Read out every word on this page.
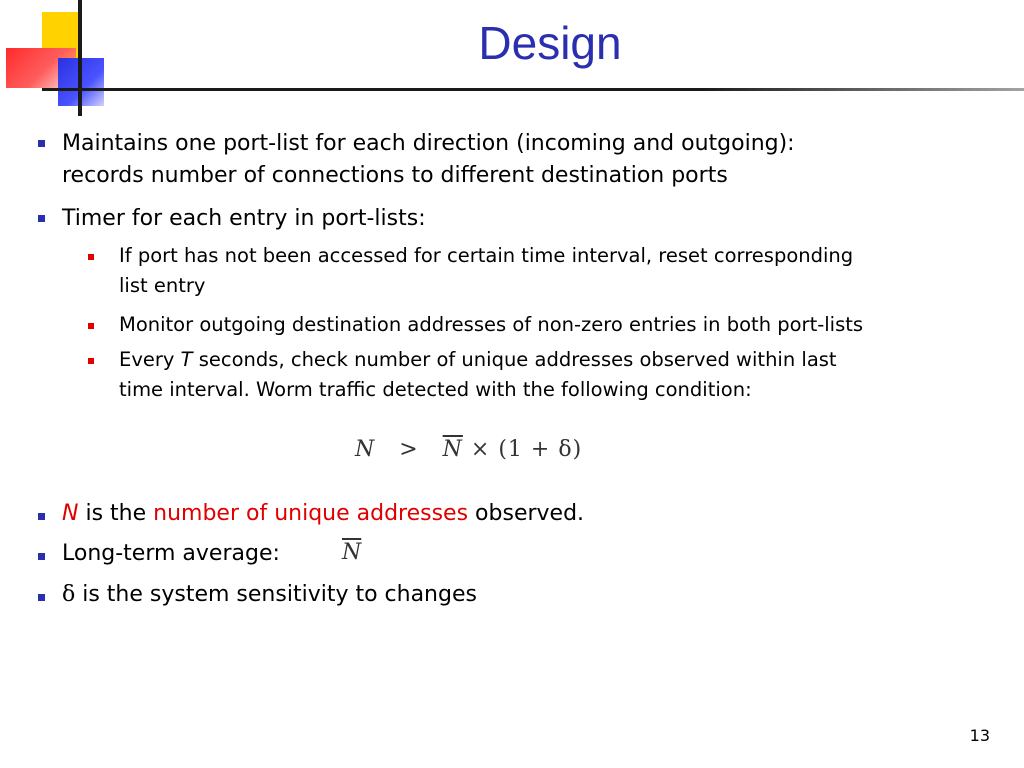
Design
Maintains one port-list for each direction (incoming and outgoing):
records number of connections to different destination ports
Timer for each entry in port-lists:
If port has not been accessed for certain time interval, reset corresponding
list entry
Monitor outgoing destination addresses of non-zero entries in both port-lists
Every T seconds, check number of unique addresses observed within last
time interval. Worm traffic detected with the following condition:
$N > \overline{N} \times (1 + \delta)$
N is the number of unique addresses observed.
Long-term average:	$\overline{N}$
δ is the system sensitivity to changes
13
